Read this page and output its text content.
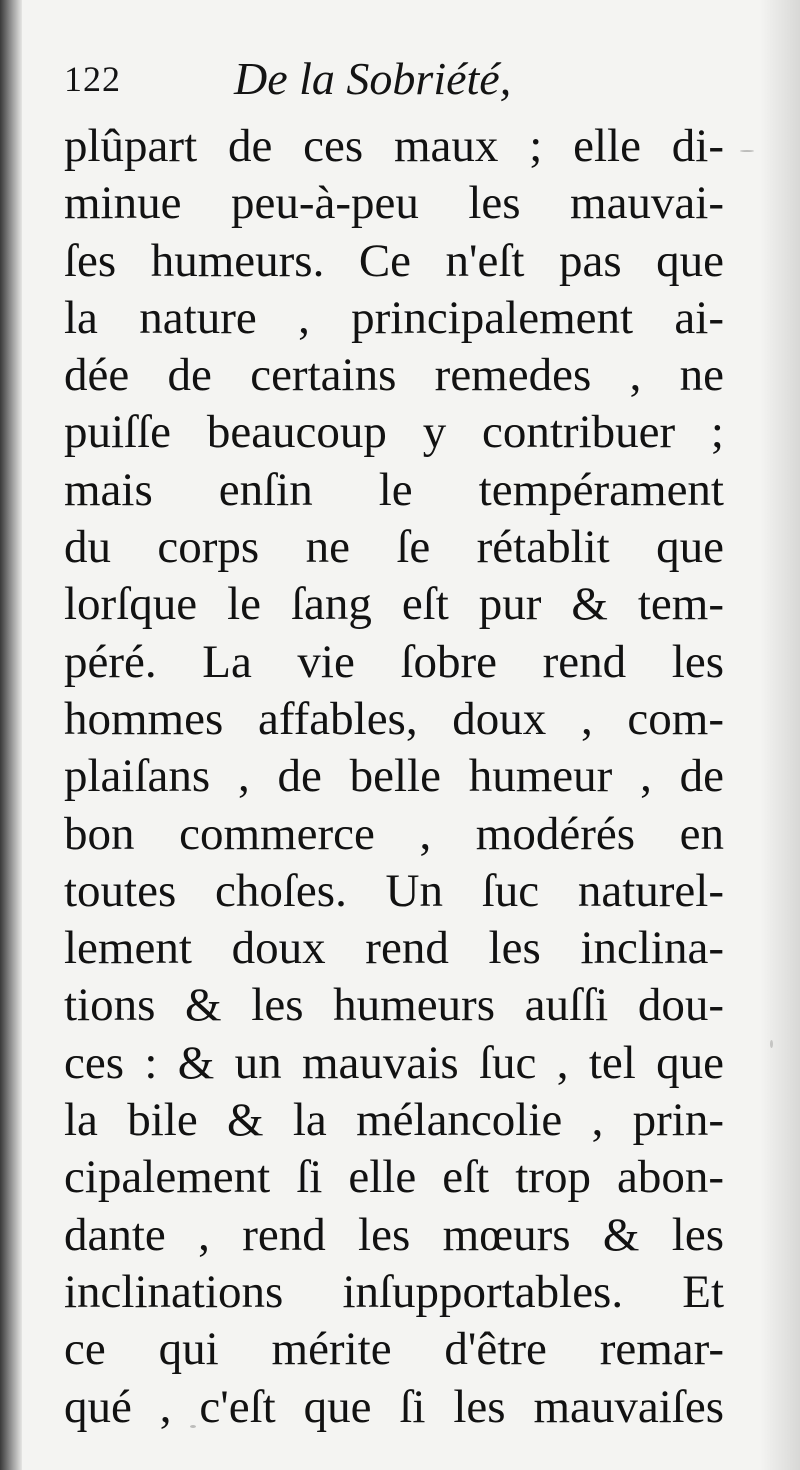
122 De la Sobriété,
plûpart de ces maux ; elle di-
minue peu-à-peu les mauvai-
ſes humeurs. Ce n'eſt pas que
la nature , principalement ai-
dée de certains remedes , ne
puiſſe beaucoup y contribuer ;
mais enſin le tempérament
du corps ne ſe rétablit que
lorſque le ſang eſt pur & tem-
péré. La vie ſobre rend les
hommes affables, doux , com-
plaiſans , de belle humeur , de
bon commerce , modérés en
toutes choſes. Un ſuc naturel-
lement doux rend les inclina-
tions & les humeurs auſſi dou-
ces : & un mauvais ſuc , tel que
la bile & la mélancolie , prin-
cipalement ſi elle eſt trop abon-
dante , rend les mœurs & les
inclinations inſupportables. Et
ce qui mérite d'être remar-
qué , c'eſt que ſi les mauvaiſes
